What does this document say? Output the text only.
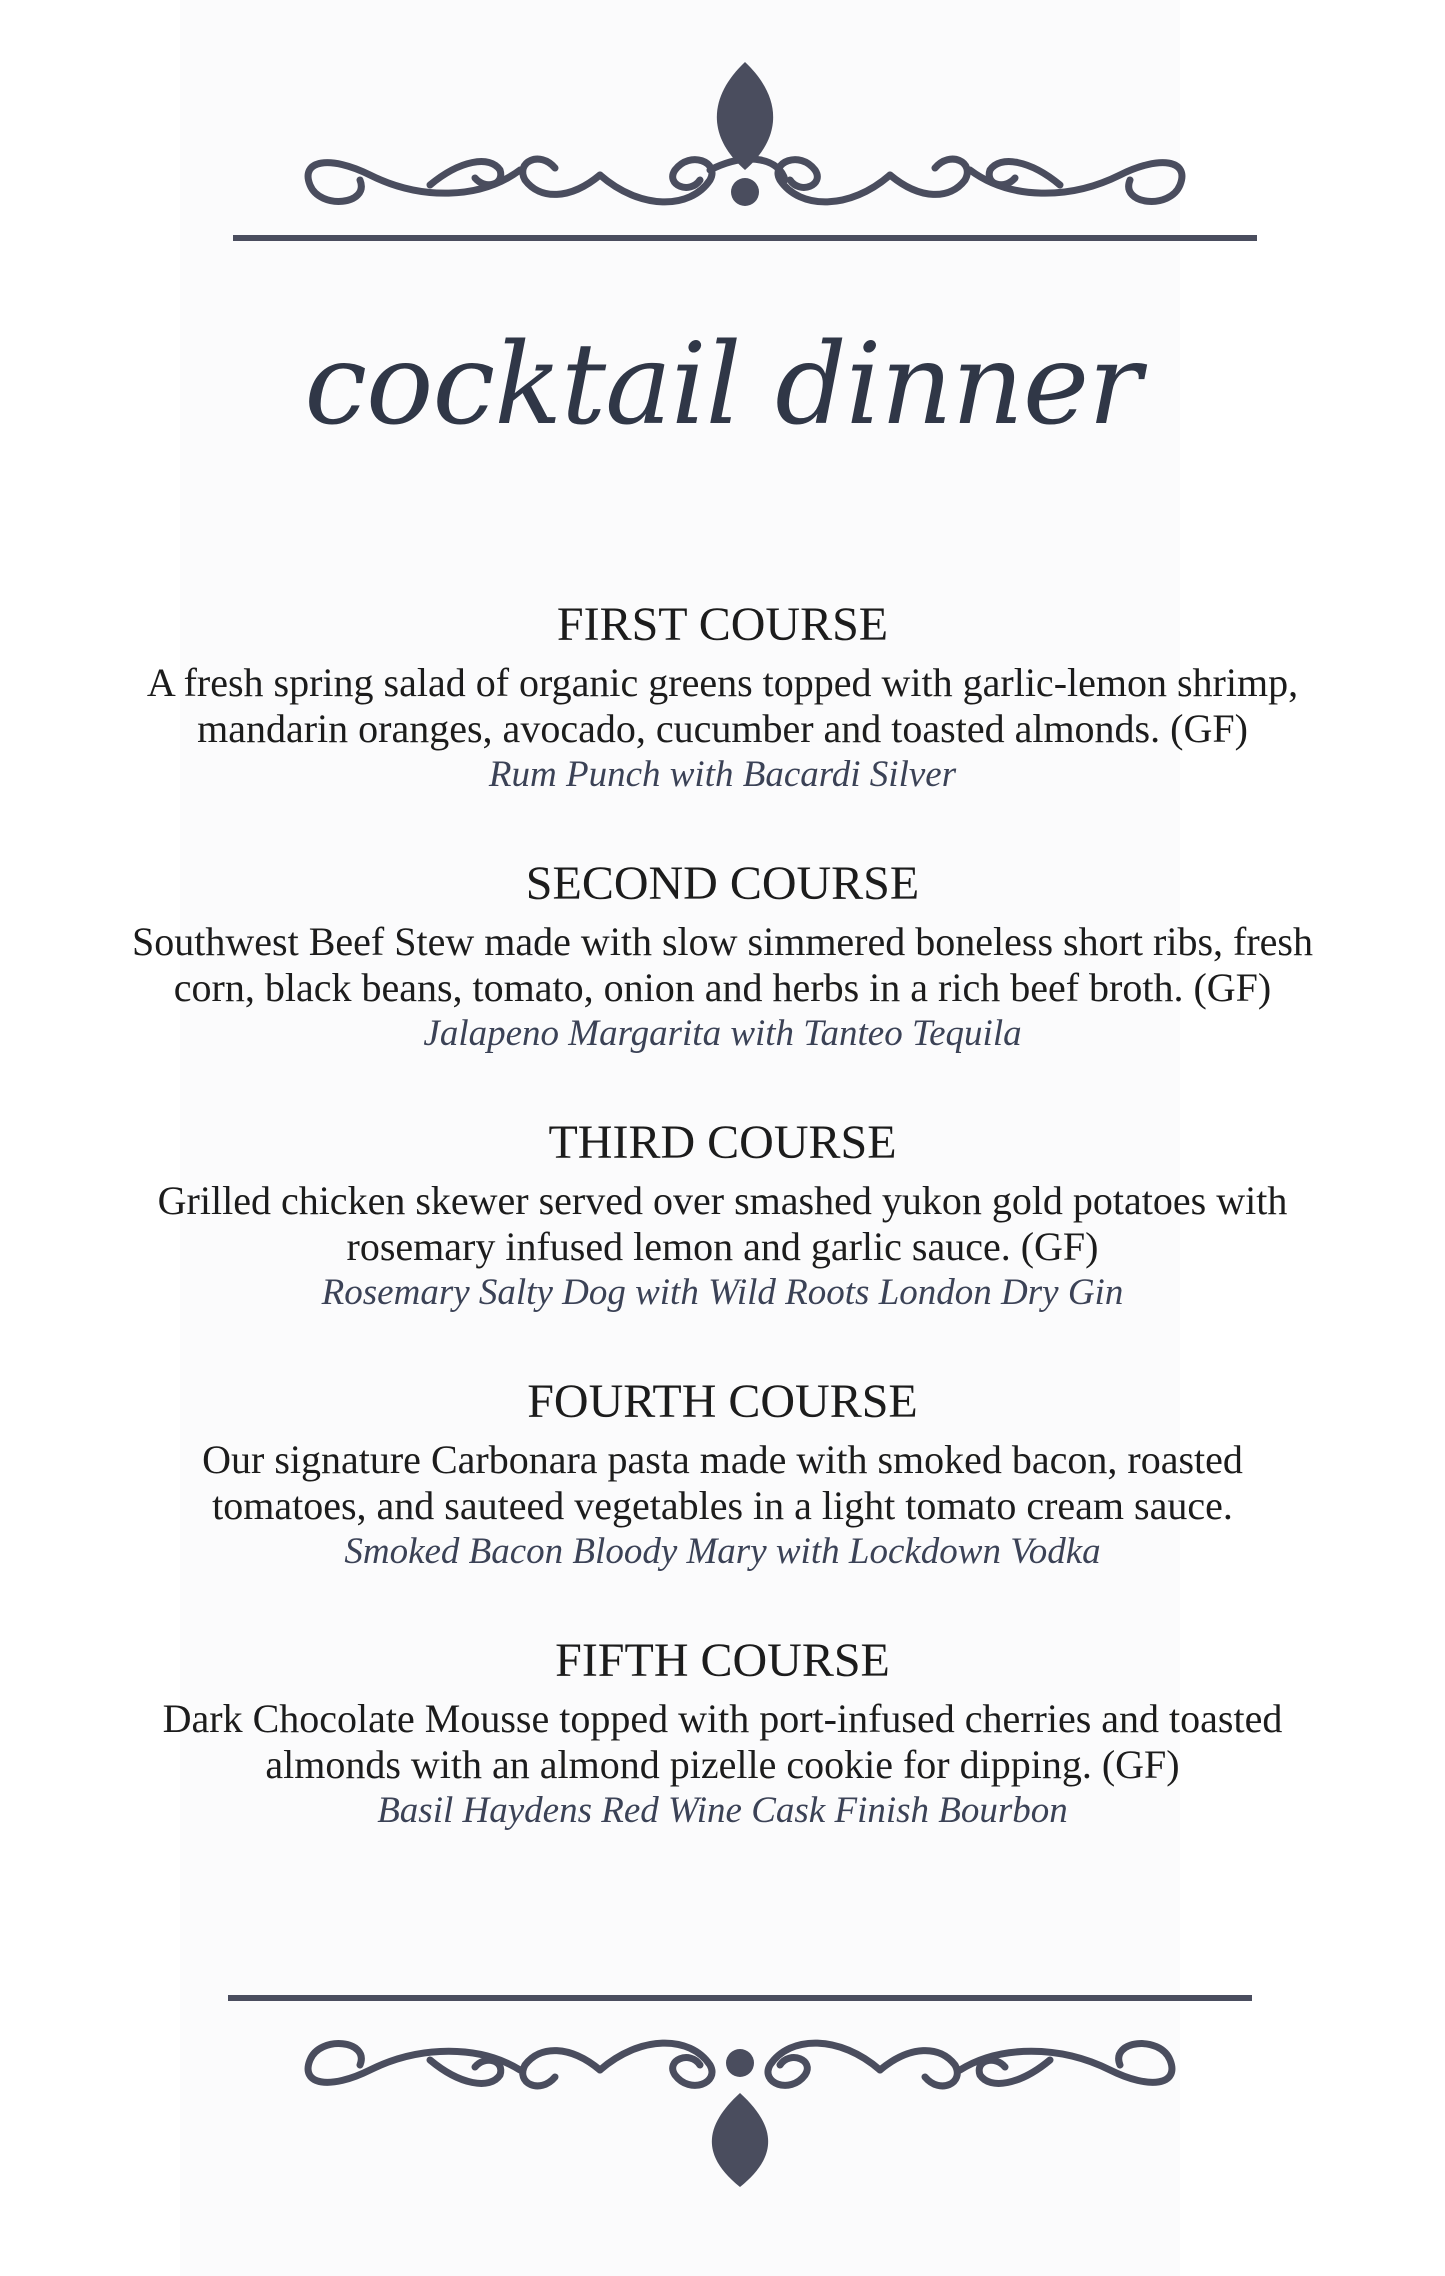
cocktail dinner

FIRST COURSE

A fresh spring salad of organic greens topped with garlic-lemon shrimp,

mandarin oranges, avocado, cucumber and toasted almonds. (GF)

Rum Punch with Bacardi Silver

SECOND COURSE

Southwest Beef Stew made with slow simmered boneless short ribs, fresh

corn, black beans, tomato, onion and herbs in a rich beef broth. (GF)

Jalapeno Margarita with Tanteo Tequila

THIRD COURSE

Grilled chicken skewer served over smashed yukon gold potatoes with

rosemary infused lemon and garlic sauce. (GF)

Rosemary Salty Dog with Wild Roots London Dry Gin

FOURTH COURSE

Our signature Carbonara pasta made with smoked bacon, roasted

tomatoes, and sauteed vegetables in a light tomato cream sauce.

Smoked Bacon Bloody Mary with Lockdown Vodka

FIFTH COURSE

Dark Chocolate Mousse topped with port-infused cherries and toasted

almonds with an almond pizelle cookie for dipping. (GF)

Basil Haydens Red Wine Cask Finish Bourbon
